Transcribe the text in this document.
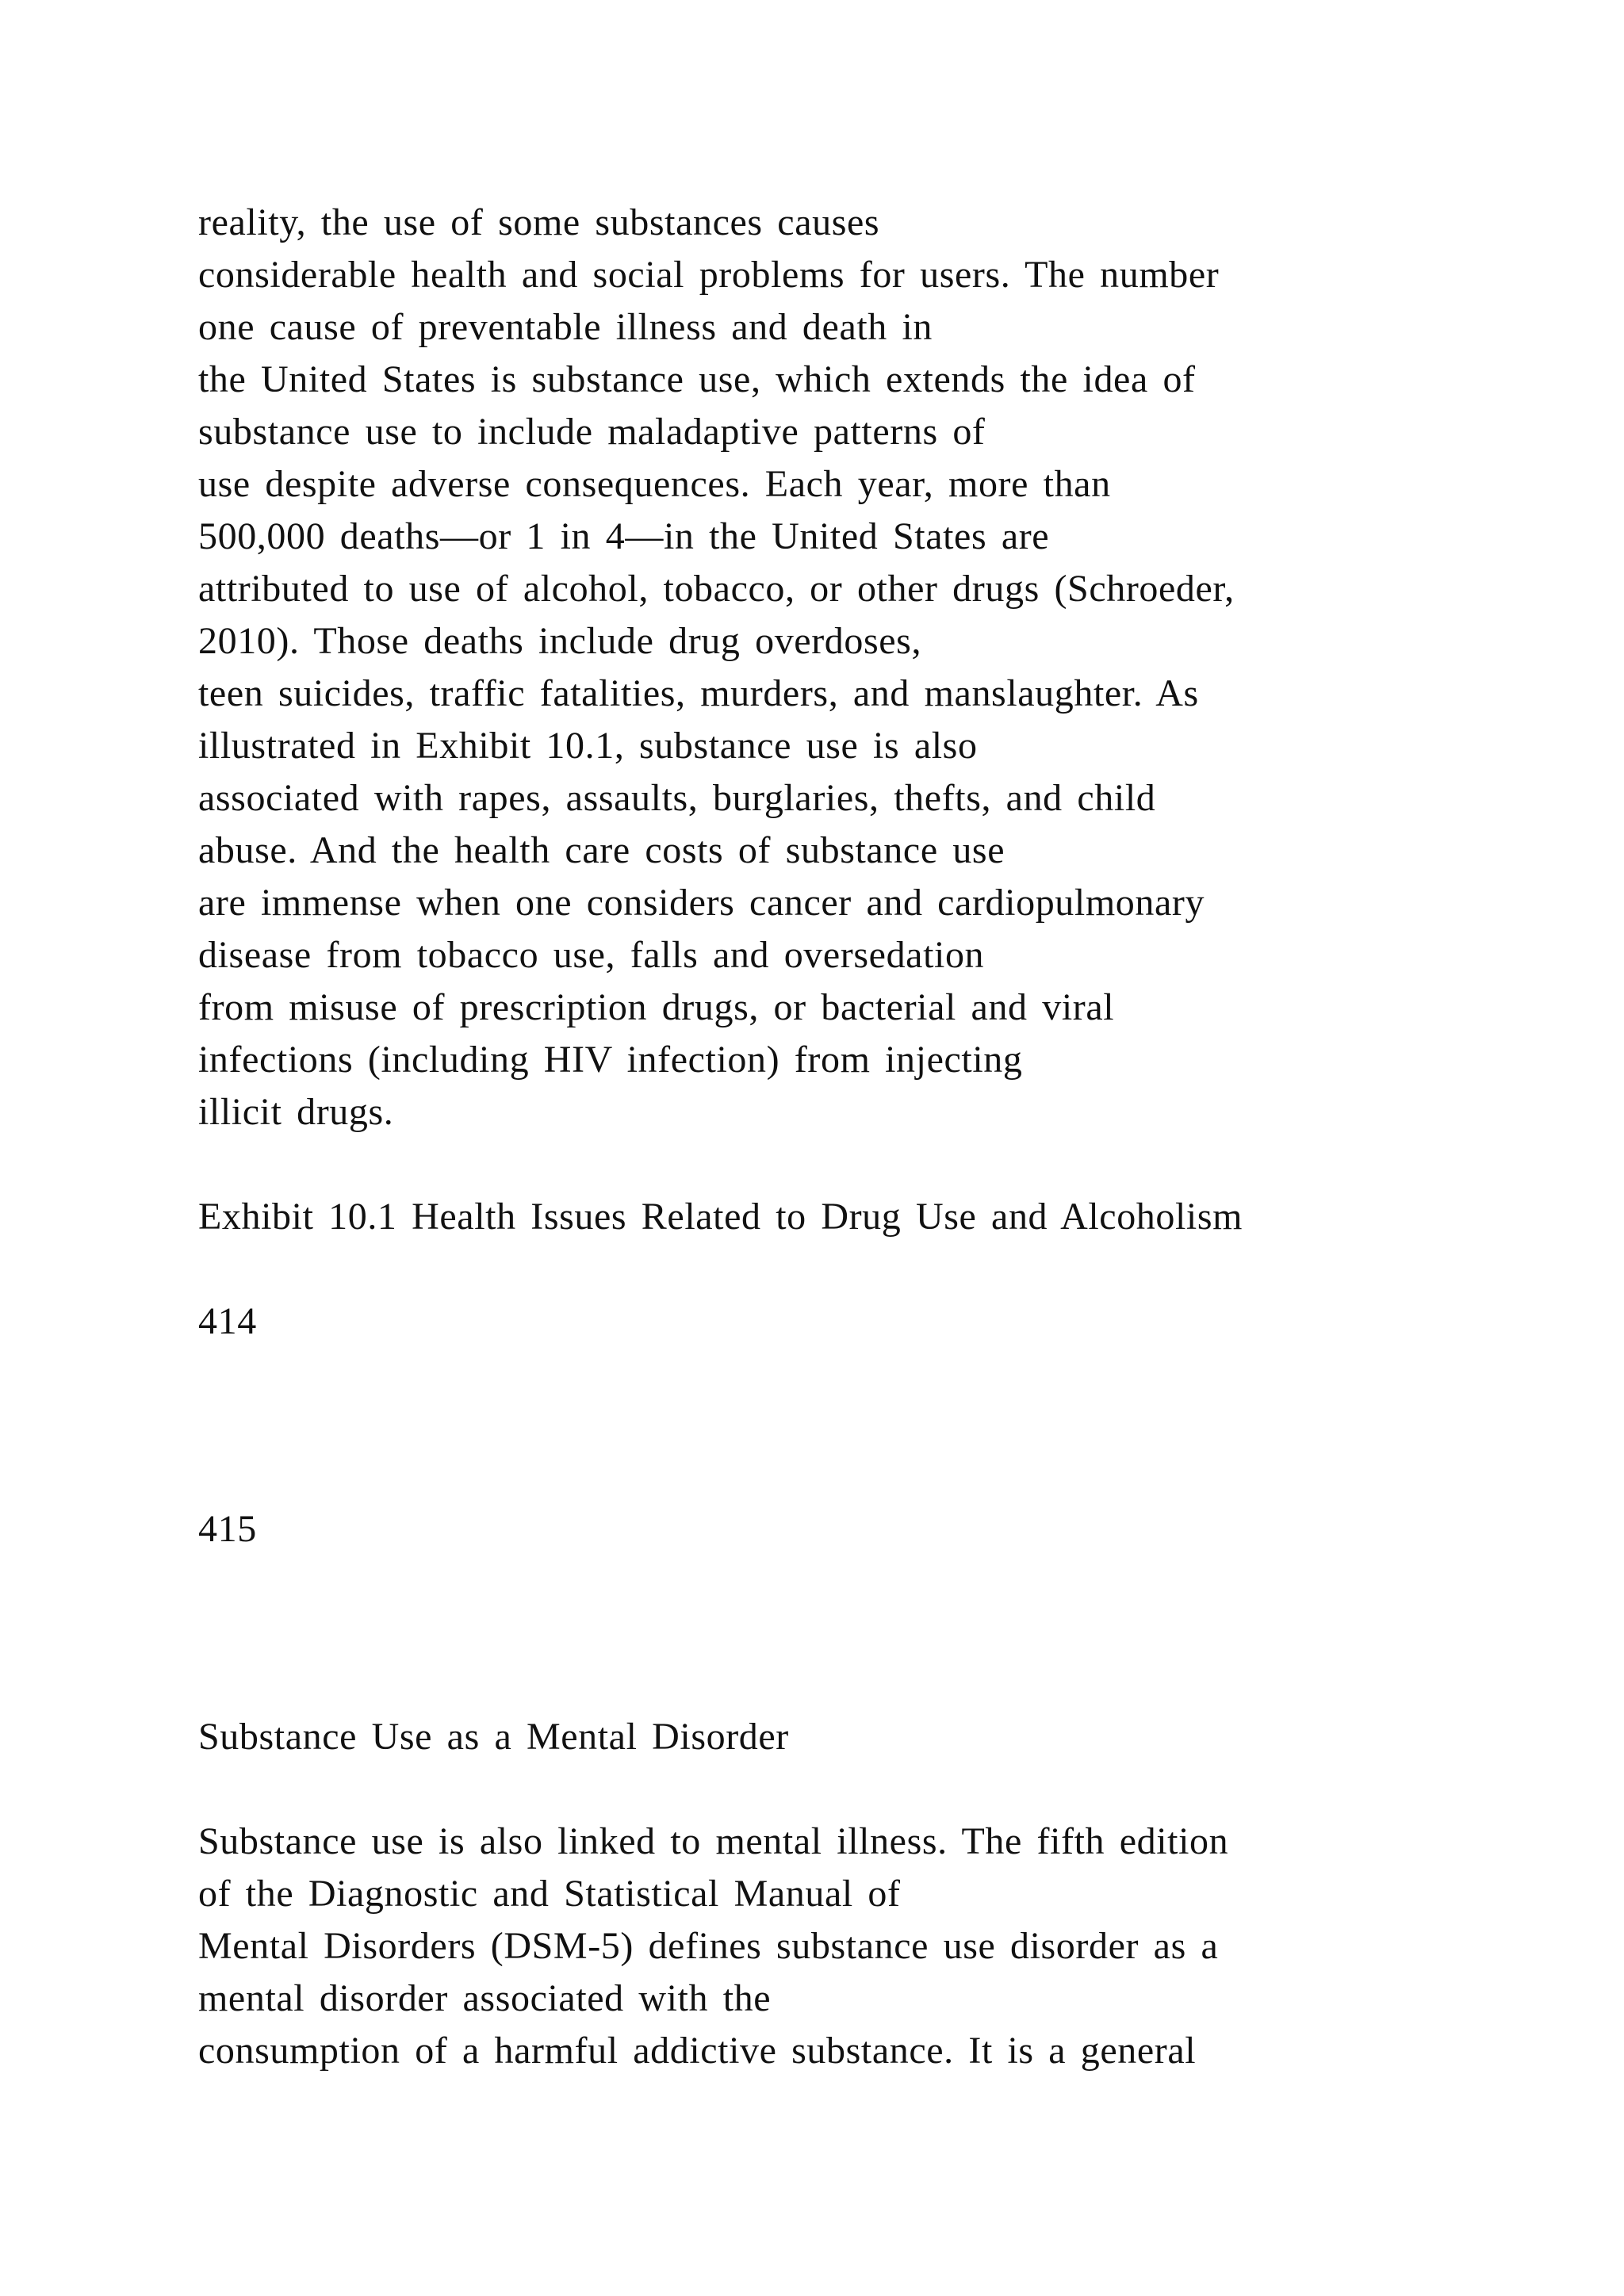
reality, the use of some substances causes
considerable health and social problems for users. The number
one cause of preventable illness and death in
the United States is substance use, which extends the idea of
substance use to include maladaptive patterns of
use despite adverse consequences. Each year, more than
500,000 deaths—or 1 in 4—in the United States are
attributed to use of alcohol, tobacco, or other drugs (Schroeder,
2010). Those deaths include drug overdoses,
teen suicides, traffic fatalities, murders, and manslaughter. As
illustrated in Exhibit 10.1, substance use is also
associated with rapes, assaults, burglaries, thefts, and child
abuse. And the health care costs of substance use
are immense when one considers cancer and cardiopulmonary
disease from tobacco use, falls and oversedation
from misuse of prescription drugs, or bacterial and viral
infections (including HIV infection) from injecting
illicit drugs.
Exhibit 10.1 Health Issues Related to Drug Use and Alcoholism
414
415
Substance Use as a Mental Disorder
Substance use is also linked to mental illness. The fifth edition
of the Diagnostic and Statistical Manual of
Mental Disorders (DSM-5) defines substance use disorder as a
mental disorder associated with the
consumption of a harmful addictive substance. It is a general
